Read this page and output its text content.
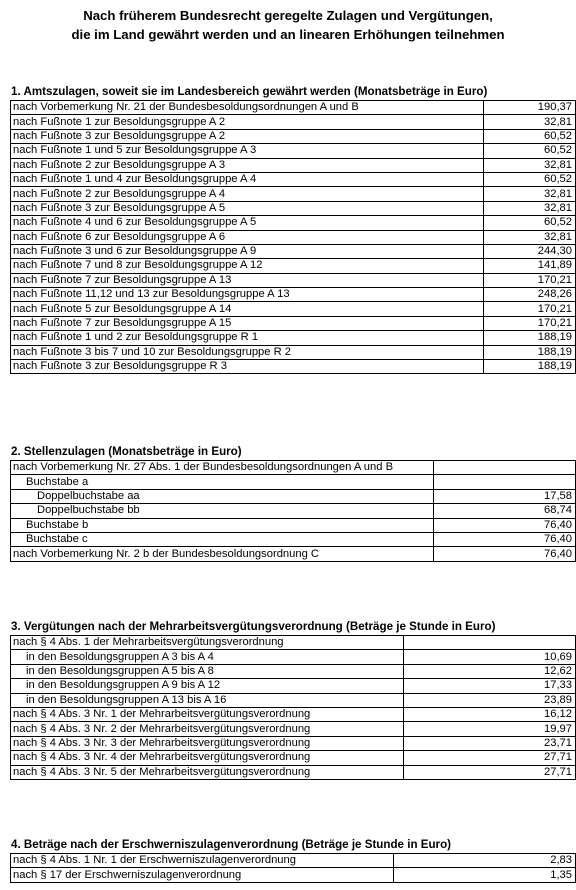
Nach früherem Bundesrecht geregelte Zulagen und Vergütungen,
die im Land gewährt werden und an linearen Erhöhungen teilnehmen
1. Amtszulagen, soweit sie im Landesbereich gewährt werden (Monatsbeträge in Euro)
nach Vorbemerkung Nr. 21 der Bundesbesoldungsordnungen A und B	190,37
nach Fußnote 1 zur Besoldungsgruppe A 2	32,81
nach Fußnote 3 zur Besoldungsgruppe A 2	60,52
nach Fußnote 1 und 5 zur Besoldungsgruppe A 3	60,52
nach Fußnote 2 zur Besoldungsgruppe A 3	32,81
nach Fußnote 1 und 4 zur Besoldungsgruppe A 4	60,52
nach Fußnote 2 zur Besoldungsgruppe A 4	32,81
nach Fußnote 3 zur Besoldungsgruppe A 5	32,81
nach Fußnote 4 und 6 zur Besoldungsgruppe A 5	60,52
nach Fußnote 6 zur Besoldungsgruppe A 6	32,81
nach Fußnote 3 und 6 zur Besoldungsgruppe A 9	244,30
nach Fußnote 7 und 8 zur Besoldungsgruppe A 12	141,89
nach Fußnote 7 zur Besoldungsgruppe A 13	170,21
nach Fußnote 11,12 und 13 zur Besoldungsgruppe A 13	248,26
nach Fußnote 5 zur Besoldungsgruppe A 14	170,21
nach Fußnote 7 zur Besoldungsgruppe A 15	170,21
nach Fußnote 1 und 2 zur Besoldungsgruppe R 1	188,19
nach Fußnote 3 bis 7 und 10 zur Besoldungsgruppe R 2	188,19
nach Fußnote 3 zur Besoldungsgruppe R 3	188,19
2. Stellenzulagen (Monatsbeträge in Euro)
nach Vorbemerkung Nr. 27 Abs. 1 der Bundesbesoldungsordnungen A und B	
Buchstabe a	
Doppelbuchstabe aa	17,58
Doppelbuchstabe bb	68,74
Buchstabe b	76,40
Buchstabe c	76,40
nach Vorbemerkung Nr. 2 b der Bundesbesoldungsordnung C	76,40
3. Vergütungen nach der Mehrarbeitsvergütungsverordnung (Beträge je Stunde in Euro)
nach § 4 Abs. 1 der Mehrarbeitsvergütungsverordnung	
in den Besoldungsgruppen A 3 bis A 4	10,69
in den Besoldungsgruppen A 5 bis A 8	12,62
in den Besoldungsgruppen A 9 bis A 12	17,33
in den Besoldungsgruppen A 13 bis A 16	23,89
nach § 4 Abs. 3 Nr. 1 der Mehrarbeitsvergütungsverordnung	16,12
nach § 4 Abs. 3 Nr. 2 der Mehrarbeitsvergütungsverordnung	19,97
nach § 4 Abs. 3 Nr. 3 der Mehrarbeitsvergütungsverordnung	23,71
nach § 4 Abs. 3 Nr. 4 der Mehrarbeitsvergütungsverordnung	27,71
nach § 4 Abs. 3 Nr. 5 der Mehrarbeitsvergütungsverordnung	27,71
4. Beträge nach der Erschwerniszulagenverordnung (Beträge je Stunde in Euro)
nach § 4 Abs. 1 Nr. 1 der Erschwerniszulagenverordnung	2,83
nach § 17 der Erschwerniszulagenverordnung	1,35
